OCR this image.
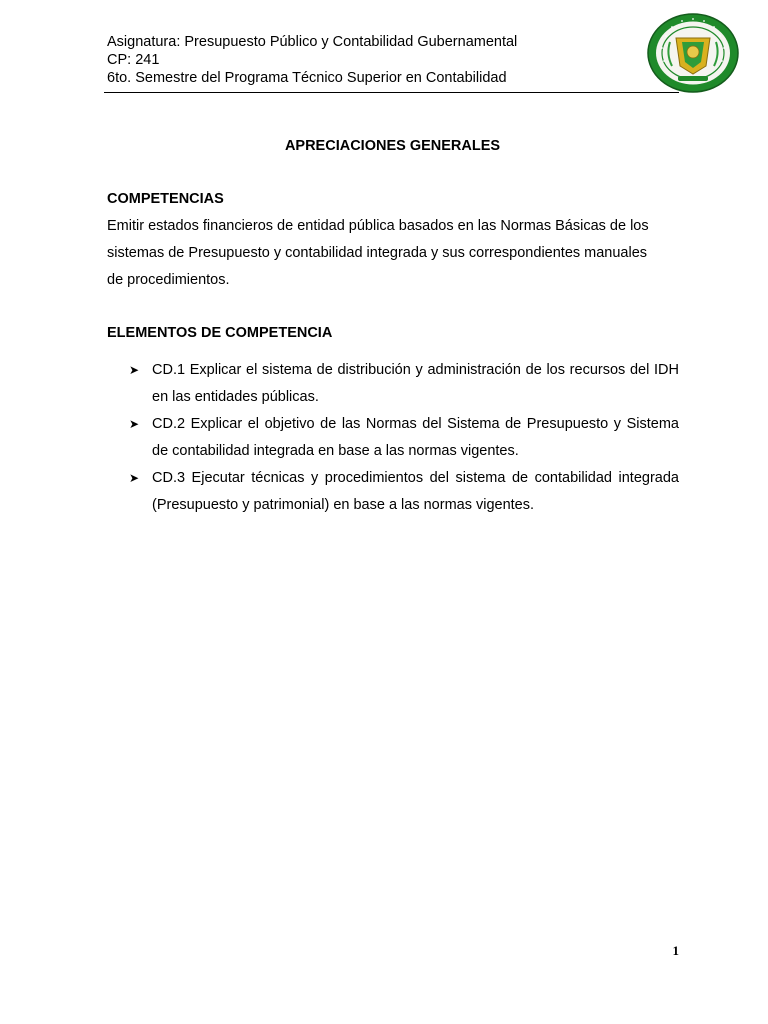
Asignatura: Presupuesto Público y Contabilidad Gubernamental
CP: 241
6to. Semestre del Programa Técnico Superior en Contabilidad
APRECIACIONES GENERALES
COMPETENCIAS
Emitir estados financieros de entidad pública basados en las Normas Básicas de los
sistemas de Presupuesto y contabilidad integrada y sus correspondientes manuales
de procedimientos.
ELEMENTOS DE COMPETENCIA
➤ CD.1 Explicar el sistema de distribución y administración de los recursos del IDH en las entidades públicas.
➤ CD.2 Explicar el objetivo de las Normas del Sistema de Presupuesto y Sistema de contabilidad integrada en base a las normas vigentes.
➤ CD.3 Ejecutar técnicas y procedimientos del sistema de contabilidad integrada (Presupuesto y patrimonial) en base a las normas vigentes.
1
